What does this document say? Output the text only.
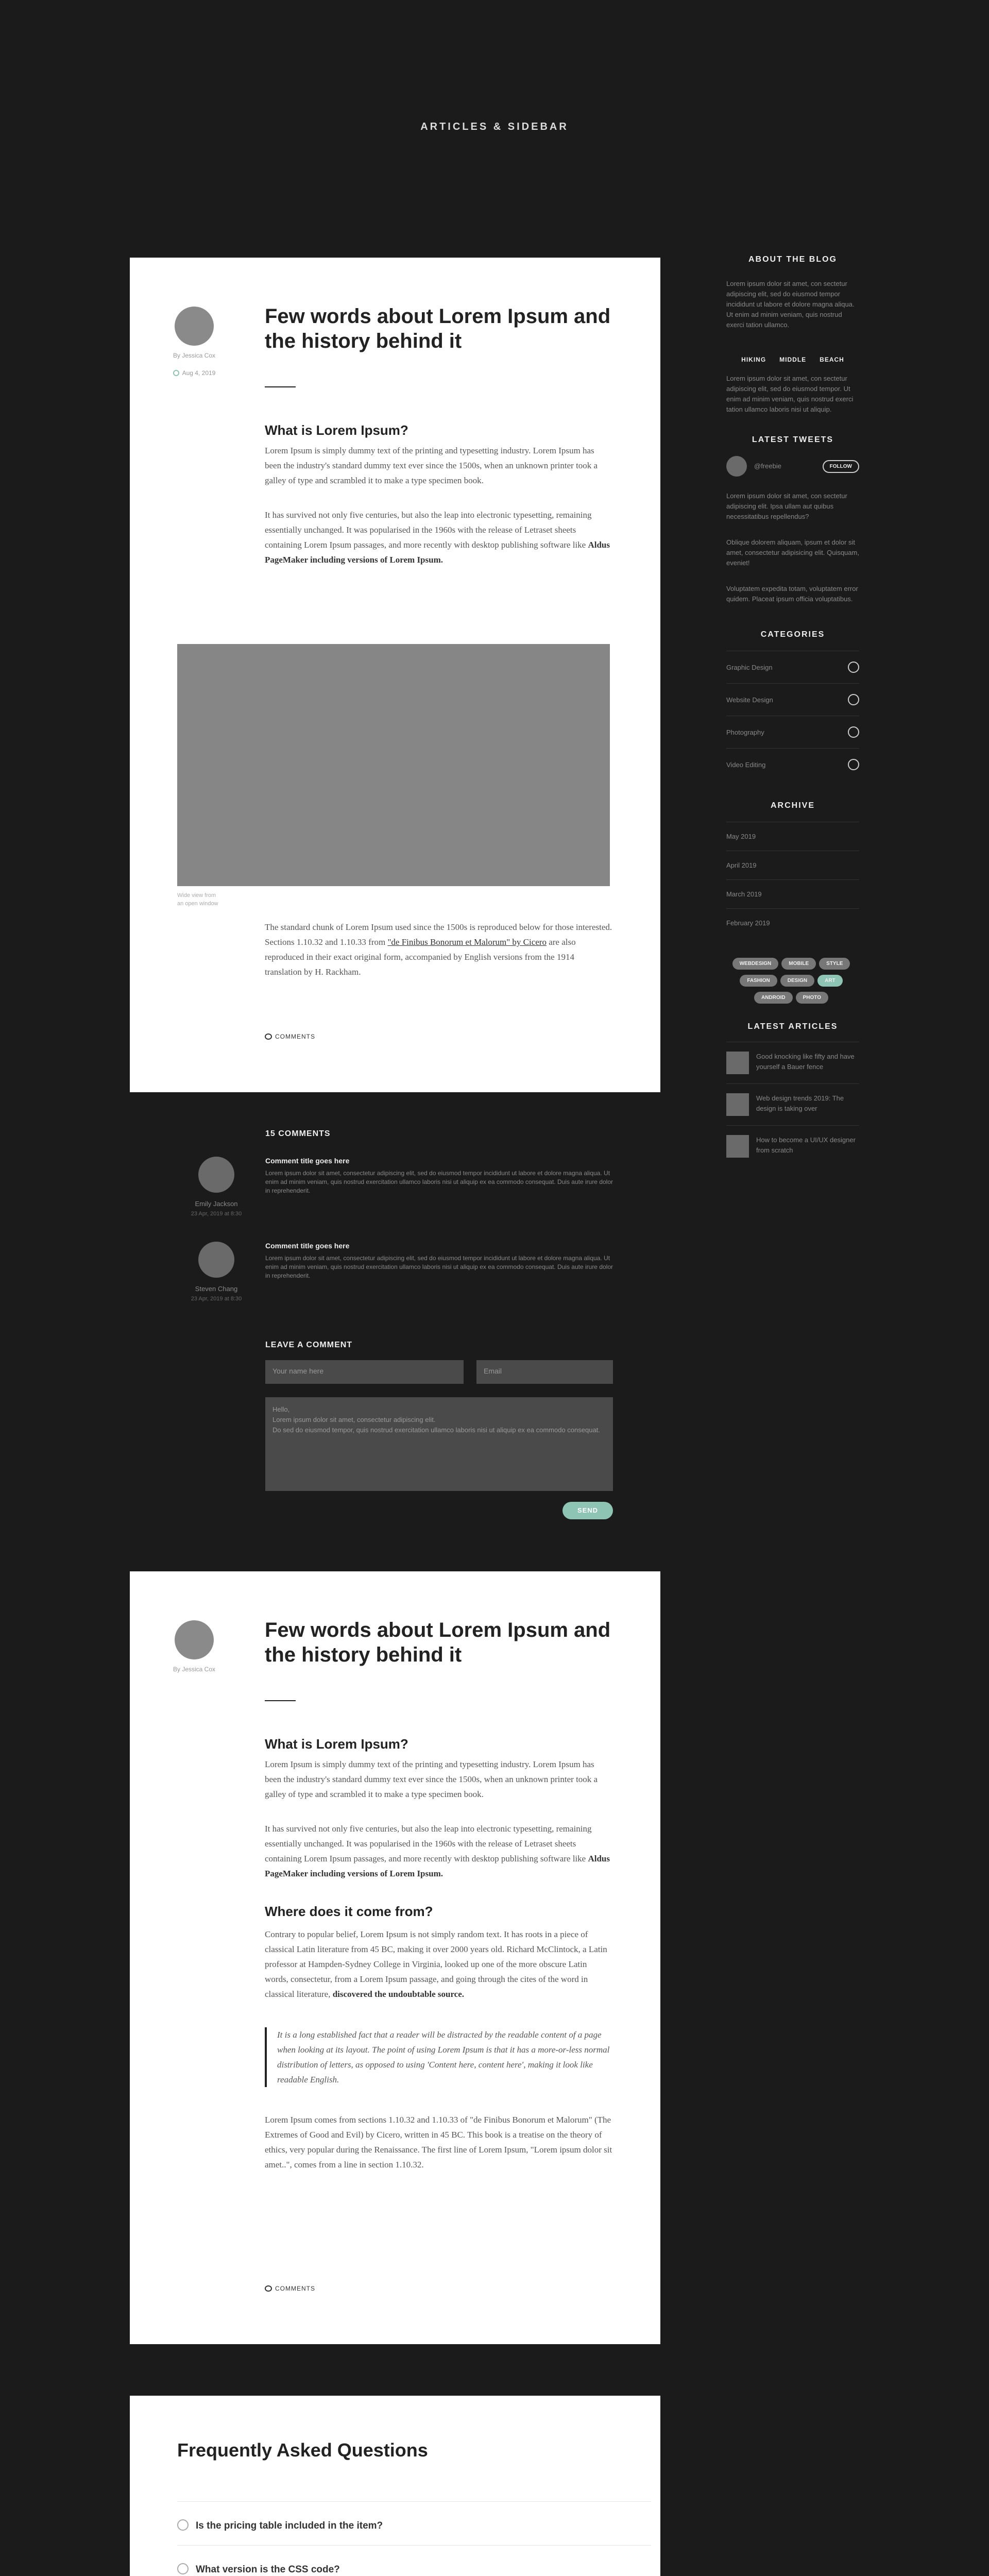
ARTICLES & SIDEBAR
By Jessica Cox
Aug 4, 2019
Few words about Lorem Ipsum and the history behind it
What is Lorem Ipsum?
Lorem Ipsum is simply dummy text of the printing and typesetting industry. Lorem Ipsum has been the industry's standard dummy text ever since the 1500s, when an unknown printer took a galley of type and scrambled it to make a type specimen book.
It has survived not only five centuries, but also the leap into electronic typesetting, remaining essentially unchanged. It was popularised in the 1960s with the release of Letraset sheets containing Lorem Ipsum passages, and more recently with desktop publishing software like Aldus PageMaker including versions of Lorem Ipsum.
Wide view from an open window
The standard chunk of Lorem Ipsum used since the 1500s is reproduced below for those interested. Sections 1.10.32 and 1.10.33 from "de Finibus Bonorum et Malorum" by Cicero are also reproduced in their exact original form, accompanied by English versions from the 1914 translation by H. Rackham.
COMMENTS
15 COMMENTS
Emily Jackson
23 Apr, 2019 at 8:30
Comment title goes here
Lorem ipsum dolor sit amet, consectetur adipiscing elit, sed do eiusmod tempor incididunt ut labore et dolore magna aliqua. Ut enim ad minim veniam, quis nostrud exercitation ullamco laboris nisi ut aliquip ex ea commodo consequat. Duis aute irure dolor in reprehenderit.
Steven Chang
23 Apr, 2019 at 8:30
Comment title goes here
Lorem ipsum dolor sit amet, consectetur adipiscing elit, sed do eiusmod tempor incididunt ut labore et dolore magna aliqua. Ut enim ad minim veniam, quis nostrud exercitation ullamco laboris nisi ut aliquip ex ea commodo consequat. Duis aute irure dolor in reprehenderit.
LEAVE A COMMENT
Your name here	Email
Hello,
Lorem ipsum dolor sit amet, consectetur adipiscing elit.
Do sed do eiusmod tempor, quis nostrud exercitation ullamco laboris nisi ut aliquip ex ea commodo consequat.
SEND
By Jessica Cox
Few words about Lorem Ipsum and the history behind it
What is Lorem Ipsum?
Lorem Ipsum is simply dummy text of the printing and typesetting industry. Lorem Ipsum has been the industry's standard dummy text ever since the 1500s, when an unknown printer took a galley of type and scrambled it to make a type specimen book.
It has survived not only five centuries, but also the leap into electronic typesetting, remaining essentially unchanged. It was popularised in the 1960s with the release of Letraset sheets containing Lorem Ipsum passages, and more recently with desktop publishing software like Aldus PageMaker including versions of Lorem Ipsum.
Where does it come from?
Contrary to popular belief, Lorem Ipsum is not simply random text. It has roots in a piece of classical Latin literature from 45 BC, making it over 2000 years old. Richard McClintock, a Latin professor at Hampden-Sydney College in Virginia, looked up one of the more obscure Latin words, consectetur, from a Lorem Ipsum passage, and going through the cites of the word in classical literature, discovered the undoubtable source.
It is a long established fact that a reader will be distracted by the readable content of a page when looking at its layout. The point of using Lorem Ipsum is that it has a more-or-less normal distribution of letters, as opposed to using 'Content here, content here', making it look like readable English.
Lorem Ipsum comes from sections 1.10.32 and 1.10.33 of "de Finibus Bonorum et Malorum" (The Extremes of Good and Evil) by Cicero, written in 45 BC. This book is a treatise on the theory of ethics, very popular during the Renaissance. The first line of Lorem Ipsum, "Lorem ipsum dolor sit amet..", comes from a line in section 1.10.32.
COMMENTS
Frequently Asked Questions
Is the pricing table included in the item?
What version is the CSS code?
ABOUT THE BLOG
Lorem ipsum dolor sit amet, con sectetur adipiscing elit, sed do eiusmod tempor incididunt ut labore et dolore magna aliqua. Ut enim ad minim veniam, quis nostrud exerci tation ullamco.
HIKING MIDDLE BEACH
Lorem ipsum dolor sit amet, con sectetur adipiscing elit, sed do eiusmod tempor. Ut enim ad minim veniam, quis nostrud exerci tation ullamco laboris nisi ut aliquip.
LATEST TWEETS
@freebie	FOLLOW
Lorem ipsum dolor sit amet, con sectetur adipiscing elit. Ipsa ullam aut quibus necessitatibus repellendus?
Oblique dolorem aliquam, ipsum et dolor sit amet, consectetur adipisicing elit. Quisquam, eveniet!
Voluptatem expedita totam, voluptatem error quidem. Placeat ipsum officia voluptatibus.
CATEGORIES
Graphic Design
Website Design
Photography
Video Editing
ARCHIVE
May 2019
April 2019
March 2019
February 2019
WEBDESIGN	MOBILE	STYLEFASHION	DESIGN	ARTANDROID	PHOTO
LATEST ARTICLES
Good knocking like fifty and have yourself a Bauer fence
Web design trends 2019: The design is taking over
How to become a UI/UX designer from scratch
